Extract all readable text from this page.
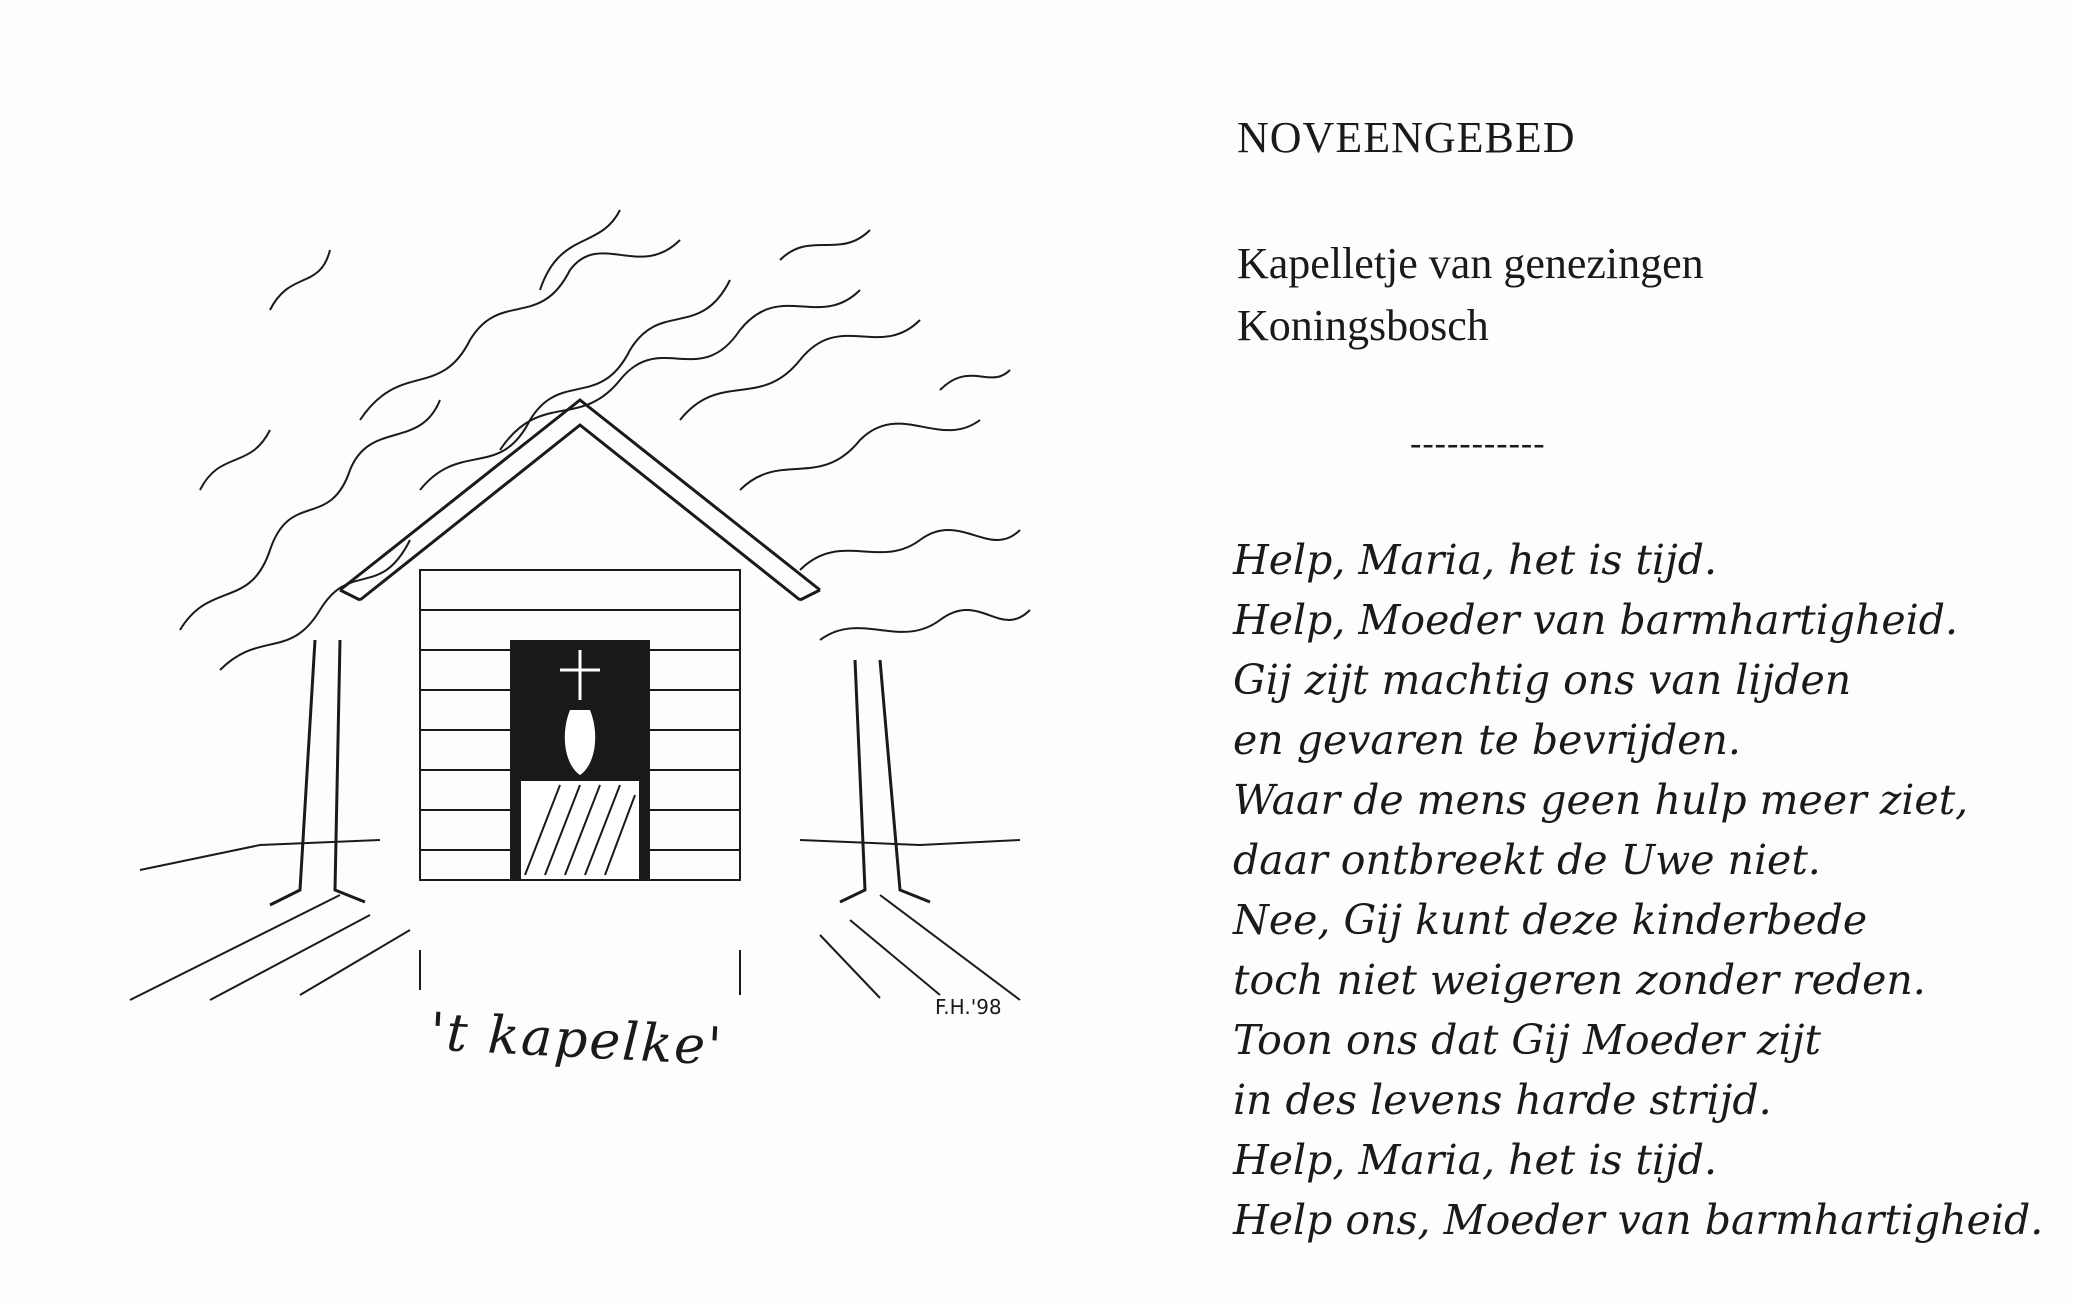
't kapelke'	F.H.'98
NOVEENGEBED
Kapelletje van genezingen
Koningsbosch
-----------
Help, Maria, het is tijd.
Help, Moeder van barmhartigheid.
Gij zijt machtig ons van lijden
en gevaren te bevrijden.
Waar de mens geen hulp meer ziet,
daar ontbreekt de Uwe niet.
Nee, Gij kunt deze kinderbede
toch niet weigeren zonder reden.
Toon ons dat Gij Moeder zijt
in des levens harde strijd.
Help, Maria, het is tijd.
Help ons, Moeder van barmhartigheid.
